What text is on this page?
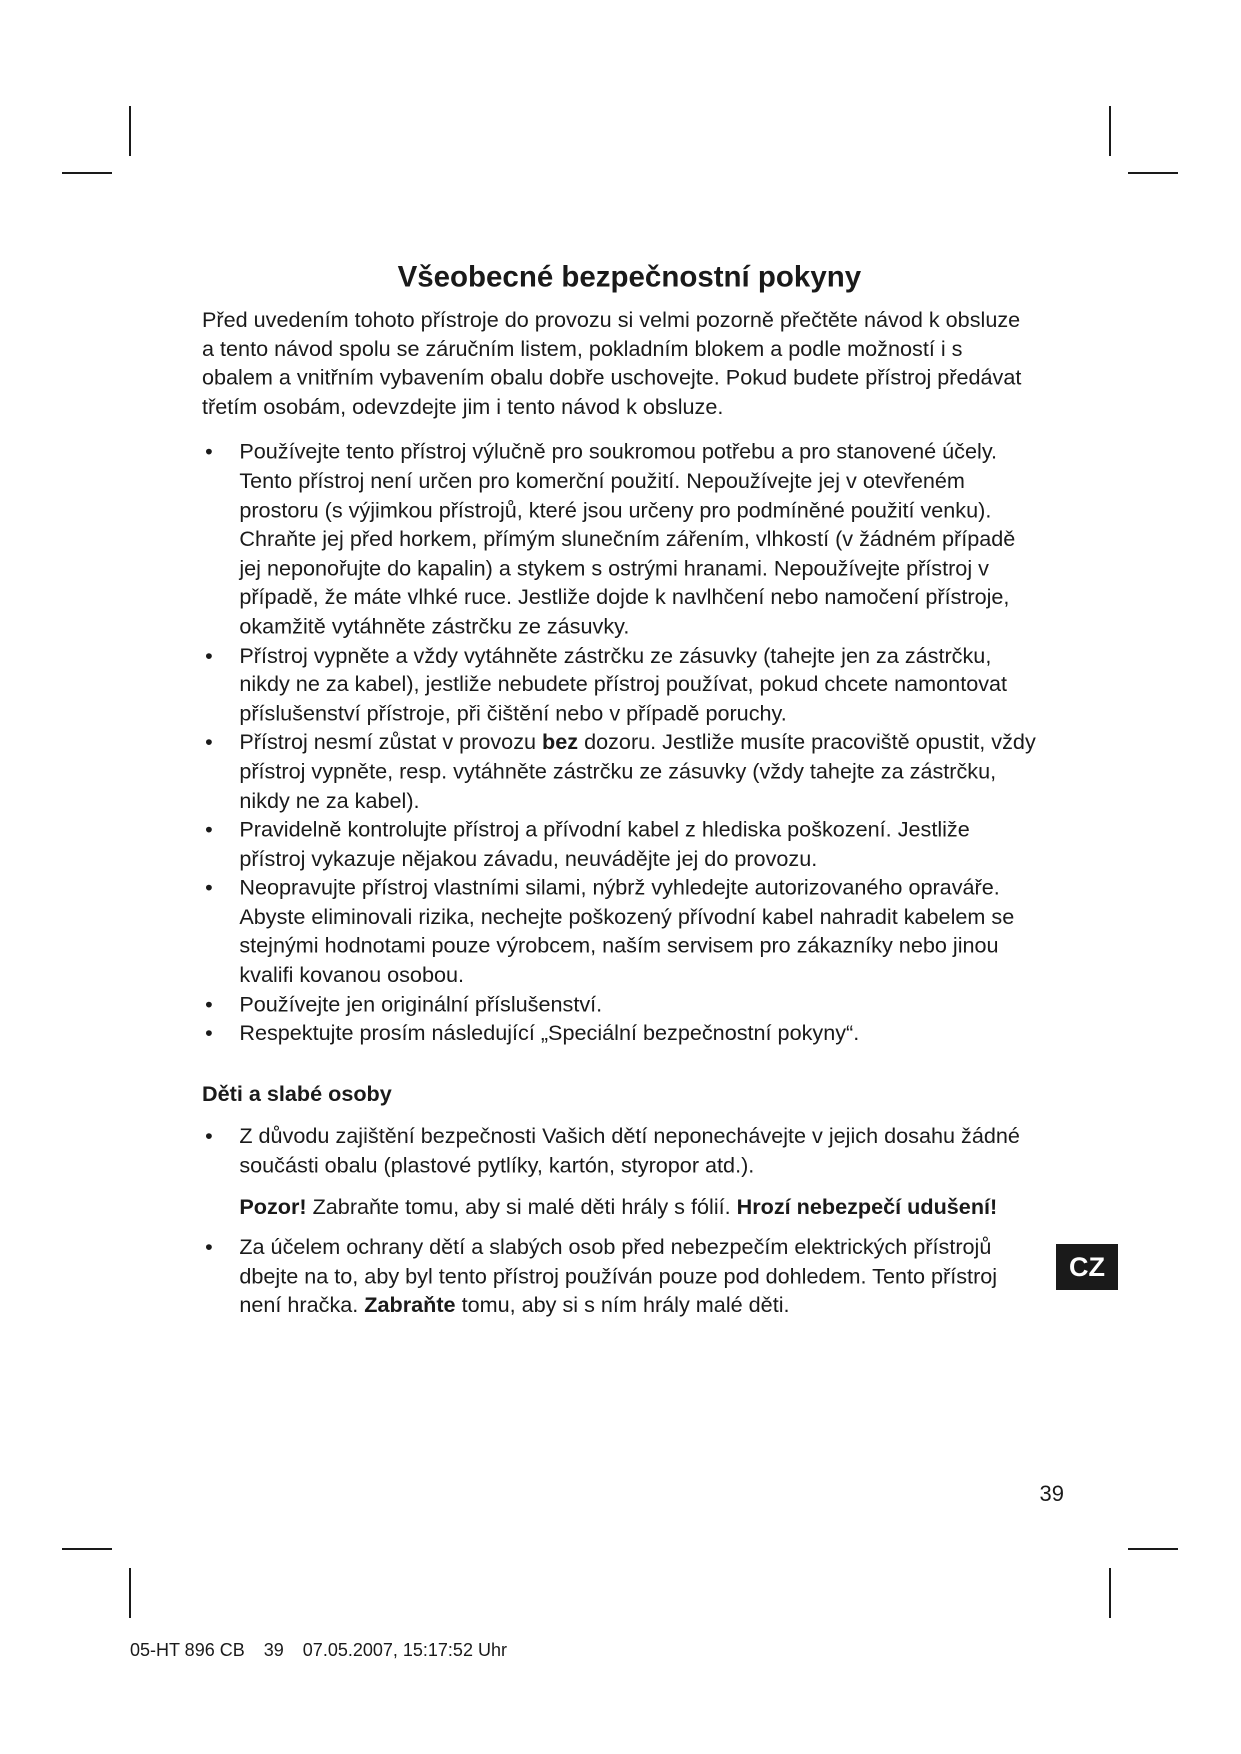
Všeobecné bezpečnostní pokyny

Před uvedením tohoto přístroje do provozu si velmi pozorně přečtěte návod k obsluze a tento návod spolu se záručním listem, pokladním blokem a podle možností i s obalem a vnitřním vybavením obalu dobře uschovejte. Pokud budete přístroj předávat třetím osobám, odevzdejte jim i tento návod k obsluze.

• Používejte tento přístroj výlučně pro soukromou potřebu a pro stanovené účely. Tento přístroj není určen pro komerční použití. Nepoužívejte jej v otevřeném prostoru (s výjimkou přístrojů, které jsou určeny pro podmíněné použití venku). Chraňte jej před horkem, přímým slunečním zářením, vlhkostí (v žádném případě jej neponořujte do kapalin) a stykem s ostrými hranami. Nepoužívejte přístroj v případě, že máte vlhké ruce. Jestliže dojde k navlhčení nebo namočení přístroje, okamžitě vytáhněte zástrčku ze zásuvky.
• Přístroj vypněte a vždy vytáhněte zástrčku ze zásuvky (tahejte jen za zástrčku, nikdy ne za kabel), jestliže nebudete přístroj používat, pokud chcete namontovat příslušenství přístroje, při čištění nebo v případě poruchy.
• Přístroj nesmí zůstat v provozu bez dozoru. Jestliže musíte pracoviště opustit, vždy přístroj vypněte, resp. vytáhněte zástrčku ze zásuvky (vždy tahejte za zástrčku, nikdy ne za kabel).
• Pravidelně kontrolujte přístroj a přívodní kabel z hlediska poškození. Jestliže přístroj vykazuje nějakou závadu, neuvádějte jej do provozu.
• Neopravujte přístroj vlastními silami, nýbrž vyhledejte autorizovaného opraváře. Abyste eliminovali rizika, nechejte poškozený přívodní kabel nahradit kabelem se stejnými hodnotami pouze výrobcem, naším servisem pro zákazníky nebo jinou kvalifi kovanou osobou.
• Používejte jen originální příslušenství.
• Respektujte prosím následující „Speciální bezpečnostní pokyny“.
Děti a slabé osoby
• Z důvodu zajištění bezpečnosti Vašich dětí neponechávejte v jejich dosahu žádné součásti obalu (plastové pytlíky, kartón, styropor atd.).

Pozor! Zabraňte tomu, aby si malé děti hrály s fólií. Hrozí nebezpečí udušení!

• Za účelem ochrany dětí a slabých osob před nebezpečím elektrických přístrojů dbejte na to, aby byl tento přístroj používán pouze pod dohledem. Tento přístroj není hračka. Zabraňte tomu, aby si s ním hrály malé děti.
CZ
39
05-HT 896 CB 39 07.05.2007, 15:17:52 Uhr
